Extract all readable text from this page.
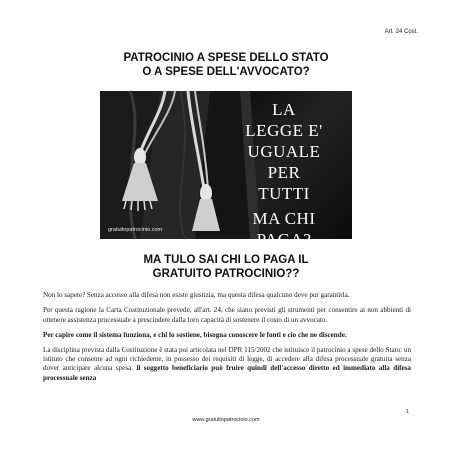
Art. 24 Cost.
PATROCINIO A SPESE DELLO STATO
O A SPESE DELL'AVVOCATO?
LA
LEGGE E'
UGUALE
PER
TUTTI
MA CHI
PAGA?
gratuitopatrocinio.com
MA TULO SAI CHI LO PAGA IL
GRATUITO PATROCINIO??

Non lo sapete? Senza accesso alla difesa non esiste giustizia, ma questa difesa qualcuno deve pur garantirla.

Per questa ragione la Carta Costituzionale prevede, all'art. 24, che siano previsti gli strumenti per consentire ai non abbienti di ottenere assistenza processuale a prescindere dalla loro capacità di sostenere il costo di un avvocato.

Per capire come il sistema funziona, e chi lo sostiene, bisogna conoscere le fonti e cio che ne discende.

La disciplina prevista dalla Costituzione è stata poi articolata nel DPR 115/2002 che istituisce il patrocinio a spese dello Stato: un istituto che consente ad ogni richiedente, in possesso dei requisiti di legge, di accedere alla difesa processuale gratuita senza dover anticipare alcuna spesa. il soggetto beneficiario può fruire quindi dell'accesso diretto ed immediato alla difesa processuale senza

1
www.gratuitopatrocinio.com
